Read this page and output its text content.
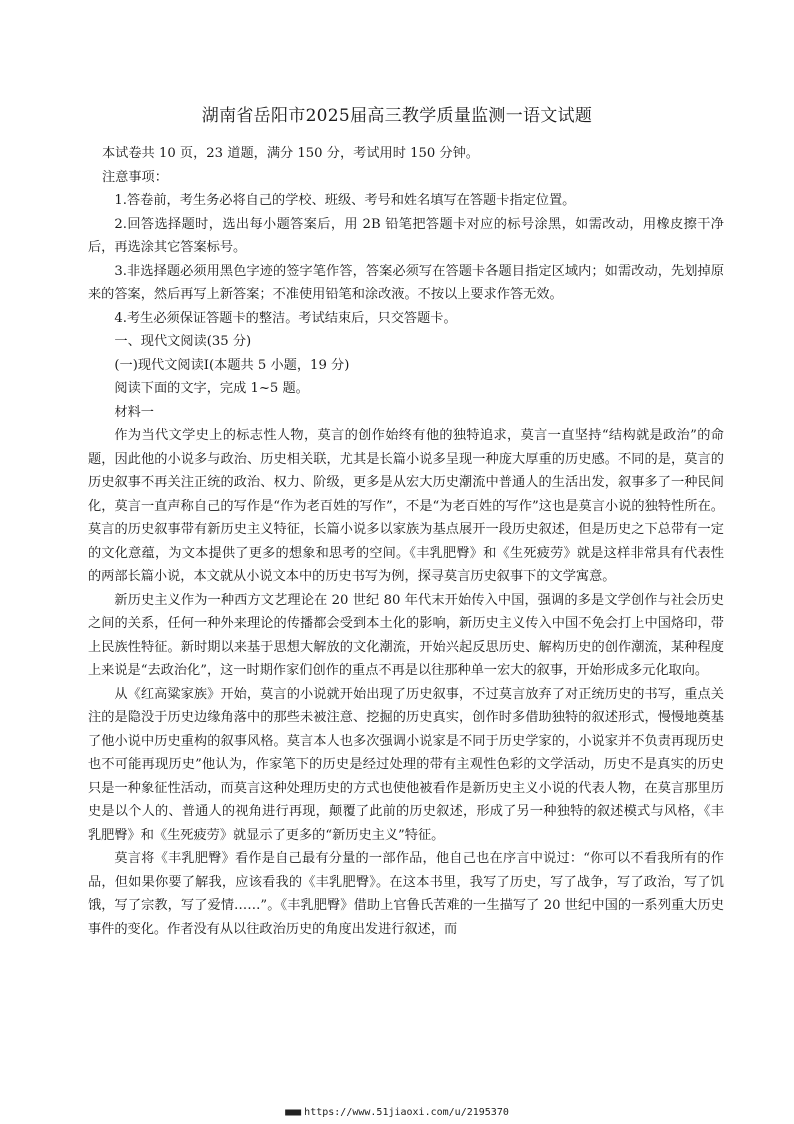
湖南省岳阳市2025届高三教学质量监测一语文试题

本试卷共 10 页，23 道题，满分 150 分，考试用时 150 分钟。

注意事项：

1.答卷前，考生务必将自己的学校、班级、考号和姓名填写在答题卡指定位置。

2.回答选择题时，选出每小题答案后，用 2B 铅笔把答题卡对应的标号涂黑，如需改动，用橡皮擦干净后，再选涂其它答案标号。

3.非选择题必须用黑色字迹的签字笔作答，答案必须写在答题卡各题目指定区域内；如需改动，先划掉原来的答案，然后再写上新答案；不准使用铅笔和涂改液。不按以上要求作答无效。

4.考生必须保证答题卡的整洁。考试结束后，只交答题卡。

一、现代文阅读(35 分)

(一)现代文阅读Ⅰ(本题共 5 小题，19 分)

阅读下面的文字，完成 1~5 题。

材料一

作为当代文学史上的标志性人物，莫言的创作始终有他的独特追求，莫言一直坚持“结构就是政治”的命题，因此他的小说多与政治、历史相关联，尤其是长篇小说多呈现一种庞大厚重的历史感。不同的是，莫言的历史叙事不再关注正统的政治、权力、阶级，更多是从宏大历史潮流中普通人的生活出发，叙事多了一种民间化，莫言一直声称自己的写作是“作为老百姓的写作”，不是“为老百姓的写作”这也是莫言小说的独特性所在。莫言的历史叙事带有新历史主义特征，长篇小说多以家族为基点展开一段历史叙述，但是历史之下总带有一定的文化意蕴，为文本提供了更多的想象和思考的空间。《丰乳肥臀》和《生死疲劳》就是这样非常具有代表性的两部长篇小说，本文就从小说文本中的历史书写为例，探寻莫言历史叙事下的文学寓意。

新历史主义作为一种西方文艺理论在 20 世纪 80 年代末开始传入中国，强调的多是文学创作与社会历史之间的关系，任何一种外来理论的传播都会受到本土化的影响，新历史主义传入中国不免会打上中国烙印，带上民族性特征。新时期以来基于思想大解放的文化潮流，开始兴起反思历史、解构历史的创作潮流，某种程度上来说是“去政治化”，这一时期作家们创作的重点不再是以往那种单一宏大的叙事，开始形成多元化取向。

从《红高粱家族》开始，莫言的小说就开始出现了历史叙事，不过莫言放弃了对正统历史的书写，重点关注的是隐没于历史边缘角落中的那些未被注意、挖掘的历史真实，创作时多借助独特的叙述形式，慢慢地奠基了他小说中历史重构的叙事风格。莫言本人也多次强调小说家是不同于历史学家的，小说家并不负责再现历史也不可能再现历史”他认为，作家笔下的历史是经过处理的带有主观性色彩的文学活动，历史不是真实的历史只是一种象征性活动，而莫言这种处理历史的方式也使他被看作是新历史主义小说的代表人物，在莫言那里历史是以个人的、普通人的视角进行再现，颠覆了此前的历史叙述，形成了另一种独特的叙述模式与风格，《丰乳肥臀》和《生死疲劳》就显示了更多的“新历史主义”特征。

莫言将《丰乳肥臀》看作是自己最有分量的一部作品，他自己也在序言中说过：“你可以不看我所有的作品，但如果你要了解我，应该看我的《丰乳肥臀》。在这本书里，我写了历史，写了战争，写了政治，写了饥饿，写了宗教，写了爱情……”。《丰乳肥臀》借助上官鲁氏苦难的一生描写了 20 世纪中国的一系列重大历史事件的变化。作者没有从以往政治历史的角度出发进行叙述，而

■■■ https://www.51jiaoxi.com/u/2195370
